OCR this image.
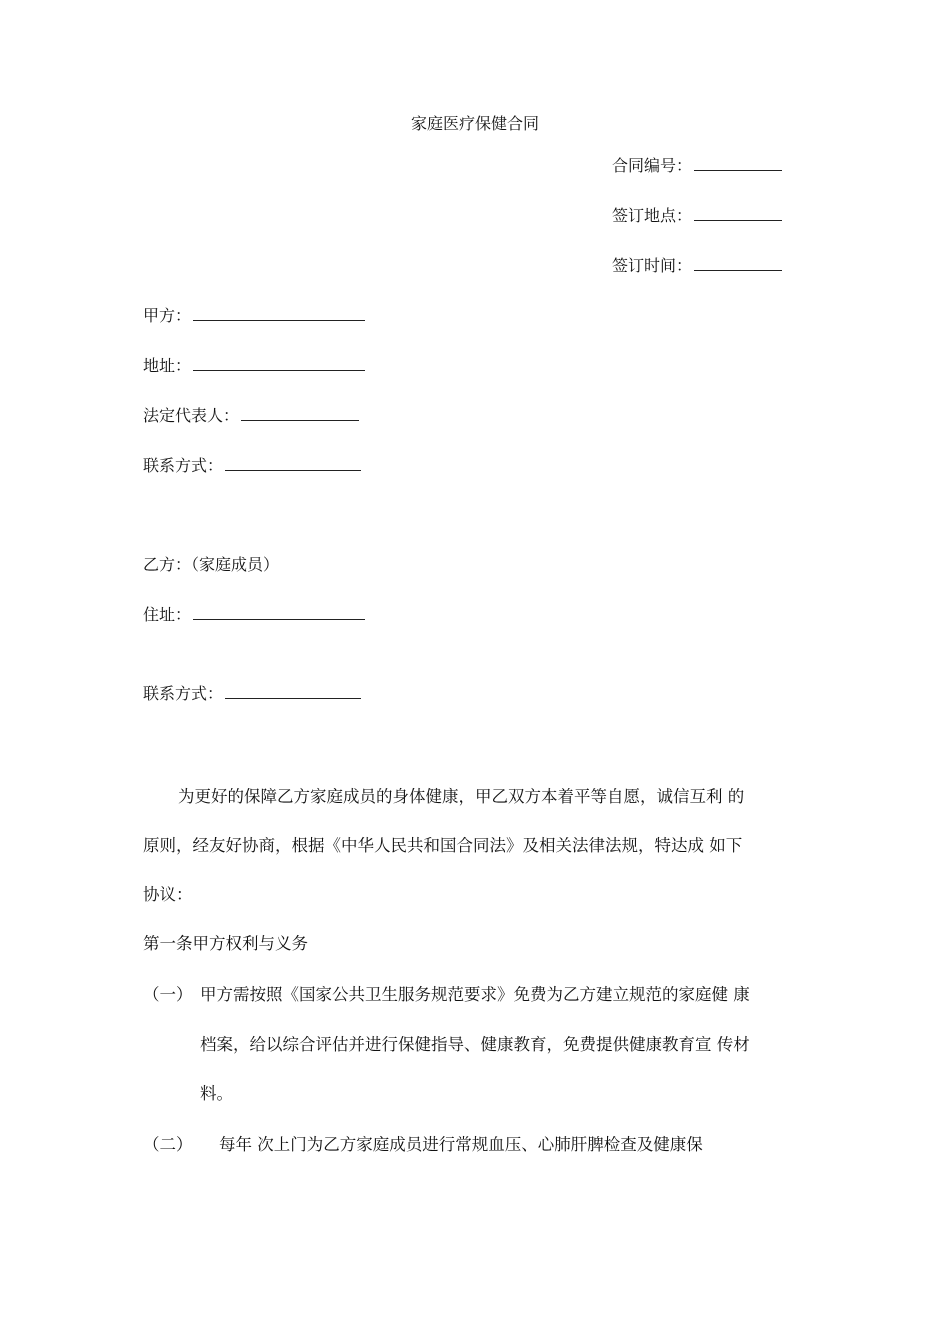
家庭医疗保健合同
合同编号：
签订地点：
签订时间：
甲方：
地址：
法定代表人：
联系方式：
乙方：（家庭成员）
住址：
联系方式：
为更好的保障乙方家庭成员的身体健康，甲乙双方本着平等自愿，诚信互利 的
原则，经友好协商，根据《中华人民共和国合同法》及相关法律法规，特达成 如下
协议：
第一条甲方权利与义务
（一） 甲方需按照《国家公共卫生服务规范要求》免费为乙方建立规范的家庭健 康
档案，给以综合评估并进行保健指导、健康教育，免费提供健康教育宣 传材
料。
（二） 每年 次上门为乙方家庭成员进行常规血压、心肺肝脾检查及健康保
